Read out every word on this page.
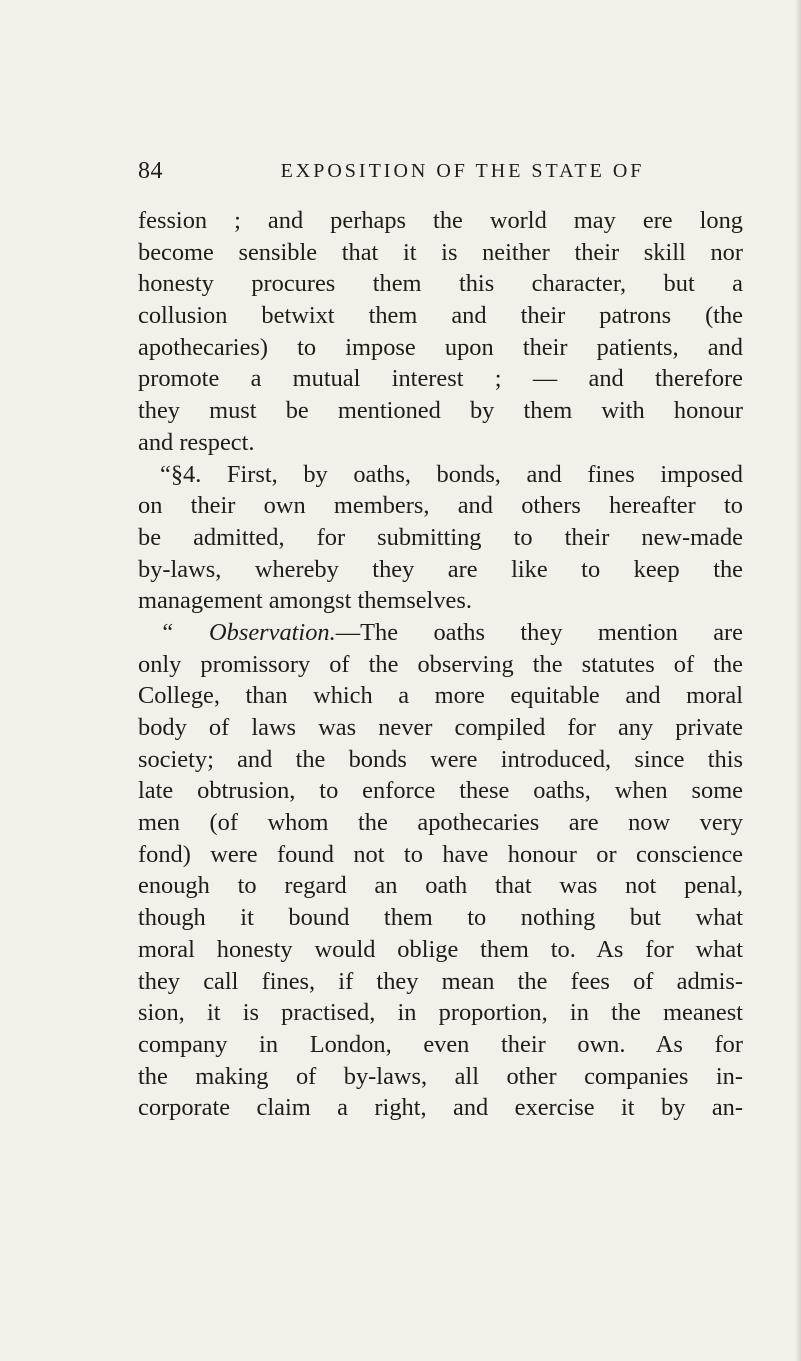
84	EXPOSITION OF THE STATE OF
fession ; and perhaps the world may ere long
become sensible that it is neither their skill nor
honesty procures them this character, but a
collusion betwixt them and their patrons (the
apothecaries) to impose upon their patients, and
promote a mutual interest ; — and therefore
they must be mentioned by them with honour
and respect.
“§4. First, by oaths, bonds, and fines imposed
on their own members, and others hereafter to
be admitted, for submitting to their new-made
by-laws, whereby they are like to keep the
management amongst themselves.
“ Observation.—The oaths they mention are
only promissory of the observing the statutes of the
College, than which a more equitable and moral
body of laws was never compiled for any private
society; and the bonds were introduced, since this
late obtrusion, to enforce these oaths, when some
men (of whom the apothecaries are now very
fond) were found not to have honour or conscience
enough to regard an oath that was not penal,
though it bound them to nothing but what
moral honesty would oblige them to. As for what
they call fines, if they mean the fees of admis-
sion, it is practised, in proportion, in the meanest
company in London, even their own. As for
the making of by-laws, all other companies in-
corporate claim a right, and exercise it by an-
